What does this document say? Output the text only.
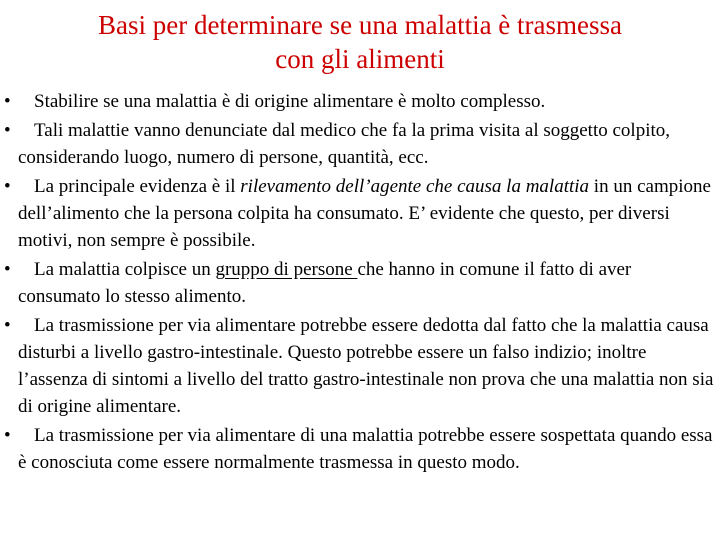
Basi per determinare se una malattia è trasmessa
con gli alimenti
• Stabilire se una malattia è di origine alimentare è molto complesso.
• Tali malattie vanno denunciate dal medico che fa la prima visita al soggetto colpito, considerando luogo, numero di persone, quantità, ecc.
• La principale evidenza è il rilevamento dell’agente che causa la malattia in un campione dell’alimento che la persona colpita ha consumato. E’ evidente che questo, per diversi motivi, non sempre è possibile.
• La malattia colpisce un gruppo di persone che hanno in comune il fatto di aver consumato lo stesso alimento.
• La trasmissione per via alimentare potrebbe essere dedotta dal fatto che la malattia causa disturbi a livello gastro-intestinale. Questo potrebbe essere un falso indizio; inoltre l’assenza di sintomi a livello del tratto gastro-intestinale non prova che una malattia non sia di origine alimentare.
• La trasmissione per via alimentare di una malattia potrebbe essere sospettata quando essa è conosciuta come essere normalmente trasmessa in questo modo.
